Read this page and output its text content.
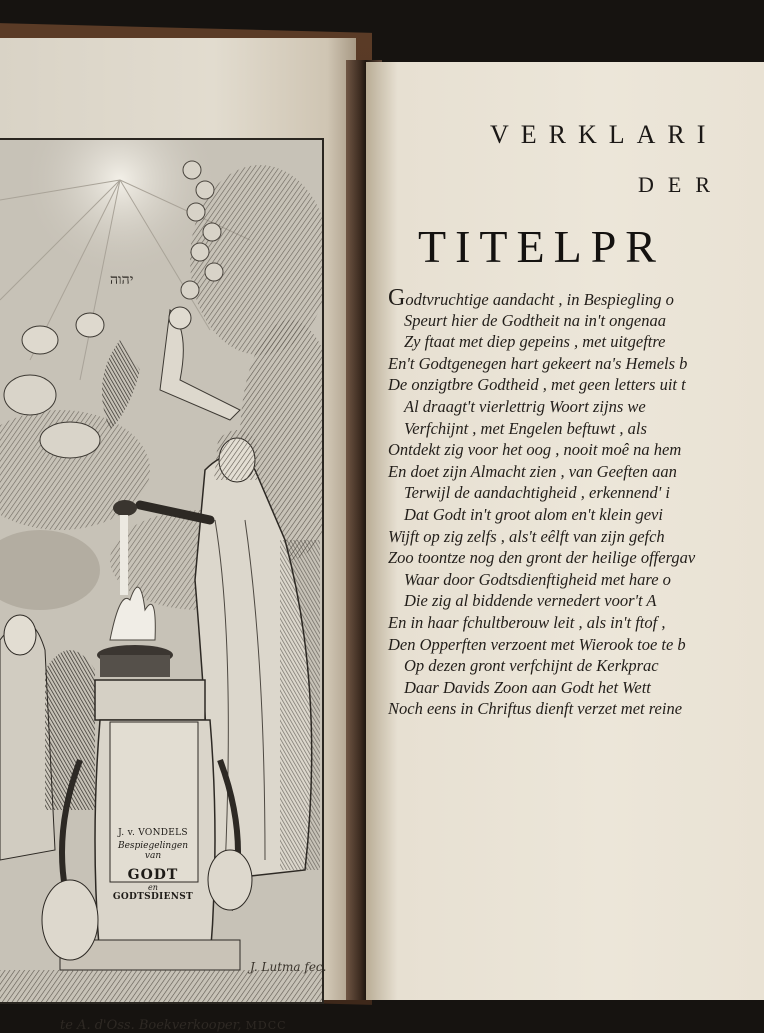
יהוה
J. v. VONDELS
Bespiegelingen
van
GODT
en
GODTSDIENST
J. Lutma fec.
te A. d'Oss. Boekverkooper, MDCC
VERKLARI
DER
TITELPR
Godtvruchtige aandacht , in Bespiegling o
Speurt hier de Godtheit na in't ongenaa
Zy ftaat met diep gepeins , met uitgeftre
En't Godtgenegen hart gekeert na's Hemels b
De onzigtbre Godtheid , met geen letters uit t
Al draagt't vierlettrig Woort zijns we
Verfchijnt , met Engelen beftuwt , als
Ontdekt zig voor het oog , nooit moê na hem
En doet zijn Almacht zien , van Geeften aan
Terwijl de aandachtigheid , erkennend' i
Dat Godt in't groot alom en't klein gevi
Wijft op zig zelfs , als't eêlft van zijn gefch
Zoo toontze nog den gront der heilige offergav
Waar door Godtsdienftigheid met hare o
Die zig al biddende vernedert voor't A
En in haar fchultberouw leit , als in't ftof ,
Den Opperften verzoent met Wierook toe te b
Op dezen gront verfchijnt de Kerkprac
Daar Davids Zoon aan Godt het Wett
Noch eens in Chriftus dienft verzet met reine
